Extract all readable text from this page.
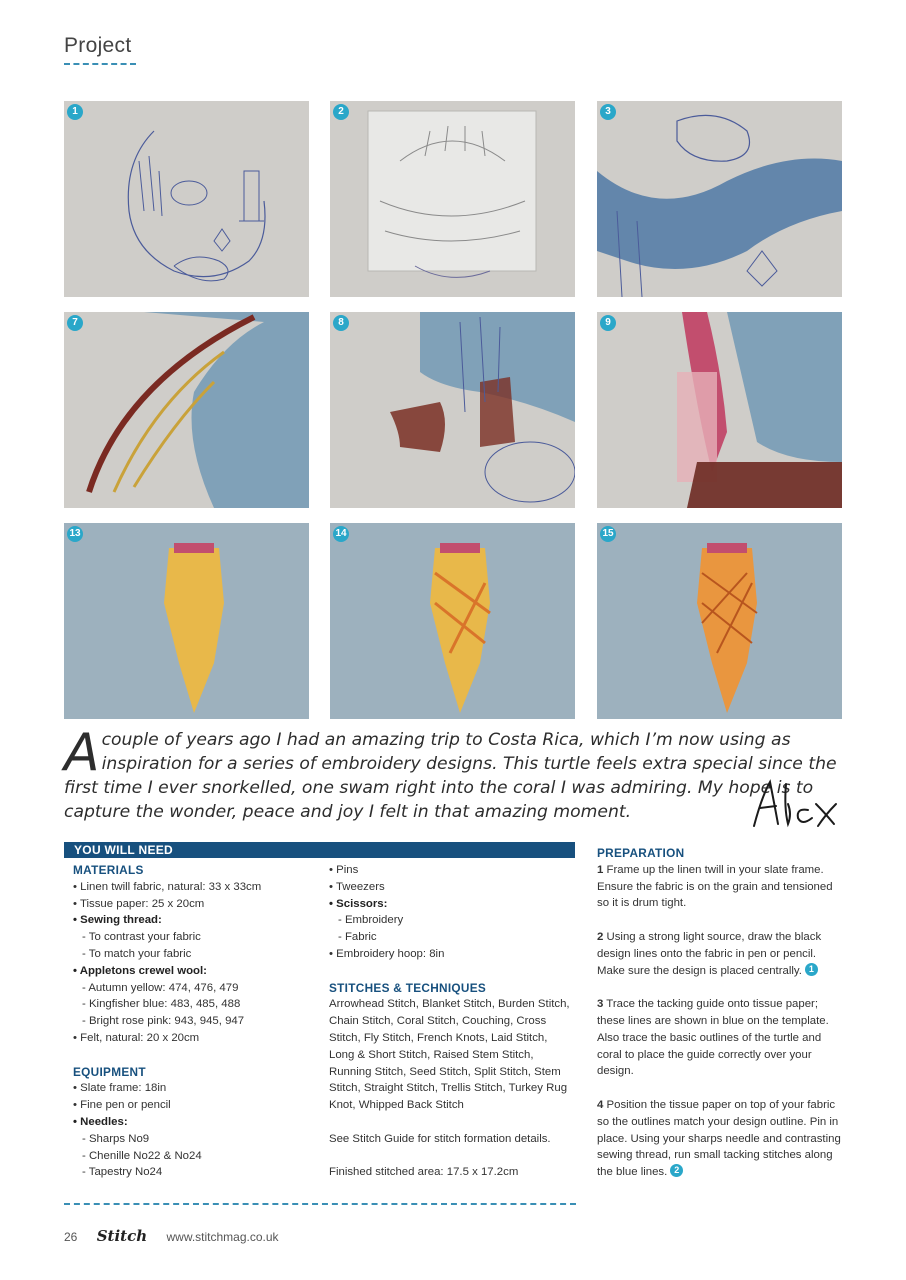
Project
1	2	3
7	8	9
13	14	15
A couple of years ago I had an amazing trip to Costa Rica, which I’m now using as inspiration for a series of embroidery designs. This turtle feels extra special since the first time I ever snorkelled, one swam right into the coral I was admiring. My hope is to capture the wonder, peace and joy I felt in that amazing moment.
YOU WILL NEED
MATERIALS
• Linen twill fabric, natural: 33 x 33cm
• Tissue paper: 25 x 20cm
• Sewing thread:
- To contrast your fabric
- To match your fabric
• Appletons crewel wool:
- Autumn yellow: 474, 476, 479
- Kingfisher blue: 483, 485, 488
- Bright rose pink: 943, 945, 947
• Felt, natural: 20 x 20cm
EQUIPMENT
• Slate frame: 18in
• Fine pen or pencil
• Needles:
- Sharps No9
- Chenille No22 & No24
- Tapestry No24
• Pins
• Tweezers
• Scissors:
- Embroidery
- Fabric
• Embroidery hoop: 8in
STITCHES & TECHNIQUES
Arrowhead Stitch, Blanket Stitch, Burden Stitch, Chain Stitch, Coral Stitch, Couching, Cross Stitch, Fly Stitch, French Knots, Laid Stitch, Long & Short Stitch, Raised Stem Stitch, Running Stitch, Seed Stitch, Split Stitch, Stem Stitch, Straight Stitch, Trellis Stitch, Turkey Rug Knot, Whipped Back Stitch
See Stitch Guide for stitch formation details.
Finished stitched area: 17.5 x 17.2cm
PREPARATION
1 Frame up the linen twill in your slate frame. Ensure the fabric is on the grain and tensioned so it is drum tight.
2 Using a strong light source, draw the black design lines onto the fabric in pen or pencil. Make sure the design is placed centrally. 1
3 Trace the tacking guide onto tissue paper; these lines are shown in blue on the template. Also trace the basic outlines of the turtle and coral to place the guide correctly over your design.
4 Position the tissue paper on top of your fabric so the outlines match your design outline. Pin in place. Using your sharps needle and contrasting sewing thread, run small tacking stitches along the blue lines. 2
26 Stitch www.stitchmag.co.uk
